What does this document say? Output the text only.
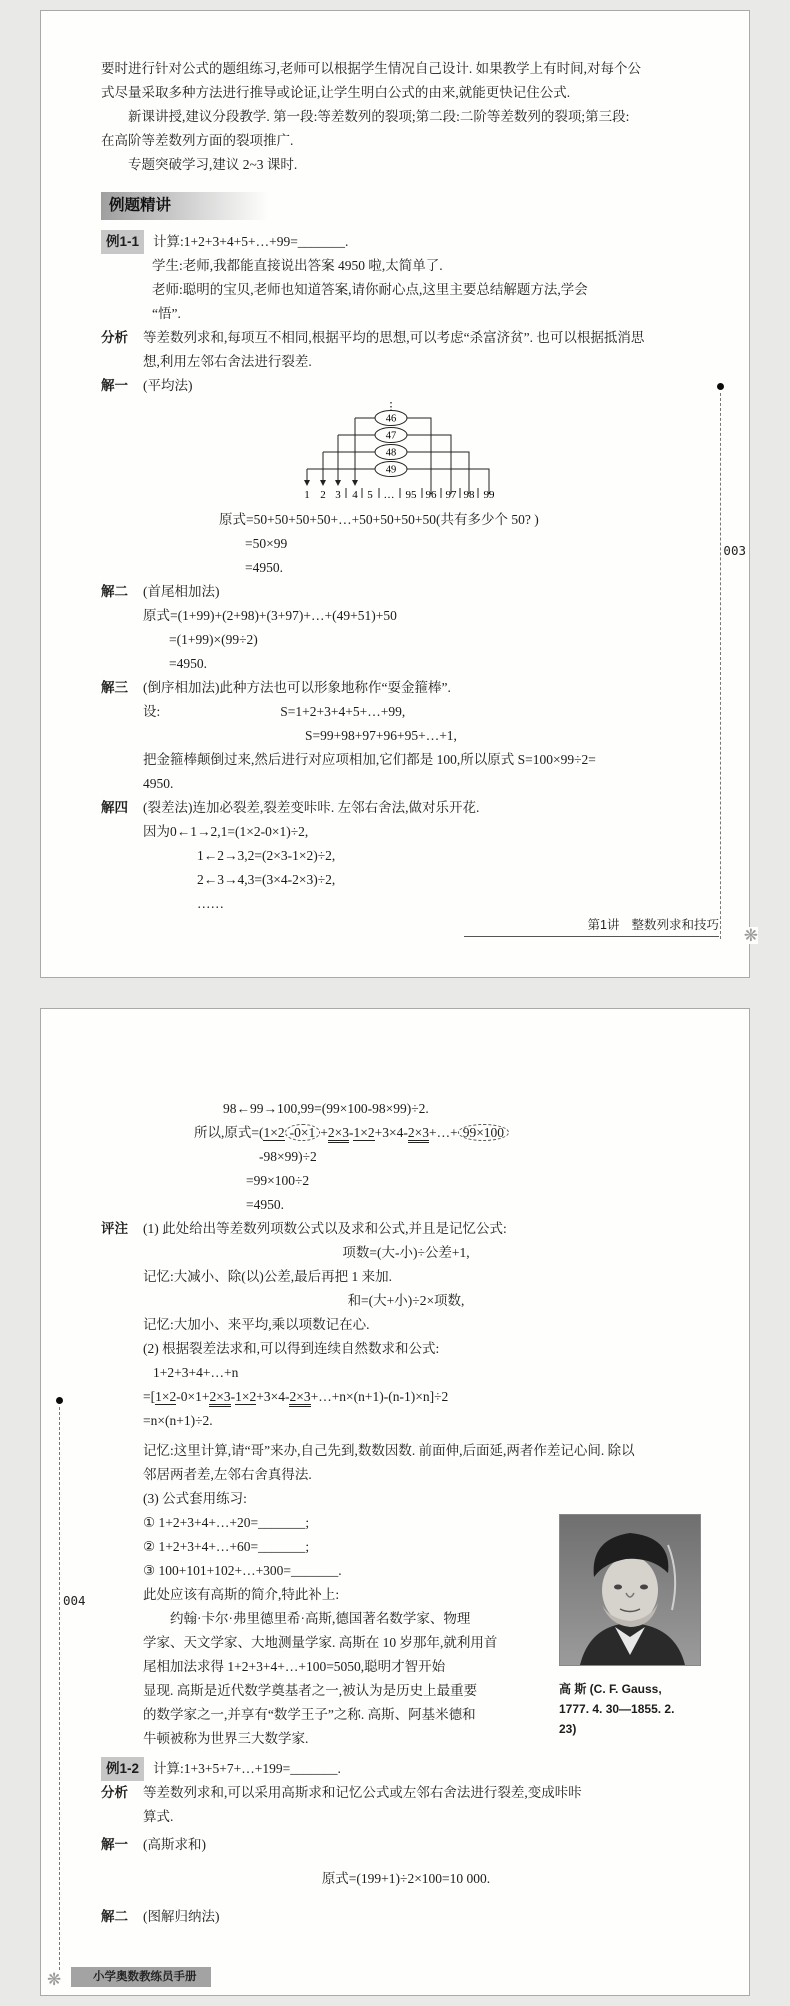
要时进行针对公式的题组练习,老师可以根据学生情况自己设计. 如果教学上有时间,对每个公
式尽量采取多种方法进行推导或论证,让学生明白公式的由来,就能更快记住公式.
新课讲授,建议分段教学. 第一段:等差数列的裂项;第二段:二阶等差数列的裂项;第三段:
在高阶等差数列方面的裂项推广.
专题突破学习,建议 2~3 课时.
例题精讲
例1-1	计算:1+2+3+4+5+…+99=_______.
学生:老师,我都能直接说出答案 4950 啦,太简单了.
老师:聪明的宝贝,老师也知道答案,请你耐心点,这里主要总结解题方法,学会
“悟”.
分析	等差数列求和,每项互不相同,根据平均的思想,可以考虑“杀富济贫”. 也可以根据抵消思
想,利用左邻右舍法进行裂差.
解一	(平均法)
⋮
46
47
48
49
1 2 3 4 5 … 95 96 97 98 99
原式=50+50+50+50+…+50+50+50+50(共有多少个 50? )
=50×99
=4950.
解二	(首尾相加法)
原式=(1+99)+(2+98)+(3+97)+…+(49+51)+50
=(1+99)×(99÷2)
=4950.
解三	(倒序相加法)此种方法也可以形象地称作“耍金箍棒”.
设:	S=1+2+3+4+5+…+99,
S=99+98+97+96+95+…+1,
把金箍棒颠倒过来,然后进行对应项相加,它们都是 100,所以原式 S=100×99÷2=
4950.
解四	(裂差法)连加必裂差,裂差变咔咔. 左邻右舍法,做对乐开花.
因为0←1→2,1=(1×2-0×1)÷2,
1←2→3,2=(2×3-1×2)÷2,
2←3→4,3=(3×4-2×3)÷2,
……
第1讲 整数列求和技巧
❋
003
98←99→100,99=(99×100-98×99)÷2.
所以,原式=(1×2 -0×1 +2×3-1×2+3×4-2×3+…+ 99×100
-98×99)÷2
=99×100÷2
=4950.
评注	(1) 此处给出等差数列项数公式以及求和公式,并且是记忆公式:
项数=(大-小)÷公差+1,
记忆:大减小、除(以)公差,最后再把 1 来加.
和=(大+小)÷2×项数,
记忆:大加小、来平均,乘以项数记在心.
(2) 根据裂差法求和,可以得到连续自然数求和公式:
1+2+3+4+…+n
=[1×2-0×1+2×3-1×2+3×4-2×3+…+n×(n+1)-(n-1)×n]÷2
=n×(n+1)÷2.
记忆:这里计算,请“哥”来办,自己先到,数数因数. 前面伸,后面延,两者作差记心间. 除以
邻居两者差,左邻右舍真得法.
(3) 公式套用练习:
① 1+2+3+4+…+20=_______;
② 1+2+3+4+…+60=_______;
③ 100+101+102+…+300=_______.
此处应该有高斯的简介,特此补上:
约翰·卡尔·弗里德里希·高斯,德国著名数学家、物理
学家、天文学家、大地测量学家. 高斯在 10 岁那年,就利用首
尾相加法求得 1+2+3+4+…+100=5050,聪明才智开始
显现. 高斯是近代数学奠基者之一,被认为是历史上最重要
的数学家之一,并享有“数学王子”之称. 高斯、阿基米德和
牛顿被称为世界三大数学家.
例1-2	计算:1+3+5+7+…+199=_______.
分析	等差数列求和,可以采用高斯求和记忆公式或左邻右舍法进行裂差,变成咔咔
算式.
解一	(高斯求和)
原式=(199+1)÷2×100=10 000.
解二	(图解归纳法)
高 斯 (C. F. Gauss,
1777. 4. 30—1855. 2.
23)
004
❋	小学奥数教练员手册
